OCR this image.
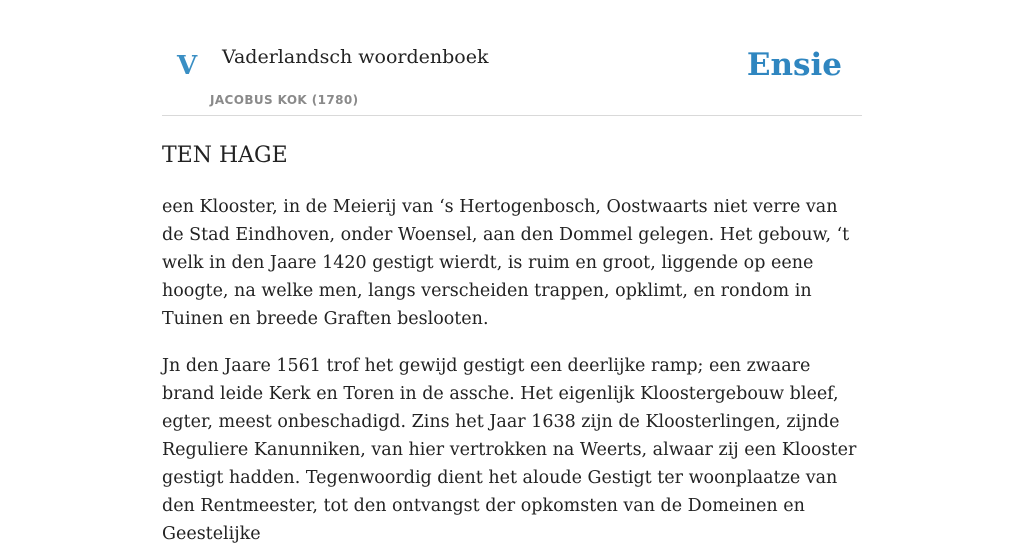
V Vaderlandsch woordenboek
JACOBUS KOK (1780)
Ensie
TEN HAGE

een Klooster, in de Meierij van ‘s Hertogenbosch, Oostwaarts niet verre van de Stad Eindhoven, onder Woensel, aan den Dommel gelegen. Het gebouw, ‘t welk in den Jaare 1420 gestigt wierdt, is ruim en groot, liggende op eene hoogte, na welke men, langs verscheiden trappen, opklimt, en rondom in Tuinen en breede Graften beslooten.

Jn den Jaare 1561 trof het gewijd gestigt een deerlijke ramp; een zwaare brand leide Kerk en Toren in de assche. Het eigenlijk Kloostergebouw bleef, egter, meest onbeschadigd. Zins het Jaar 1638 zijn de Kloosterlingen, zijnde Reguliere Kanunniken, van hier vertrokken na Weerts, alwaar zij een Klooster gestigt hadden. Tegenwoordig dient het aloude Gestigt ter woonplaatze van den Rentmeester, tot den ontvangst der opkomsten van de Domeinen en Geestelijke
